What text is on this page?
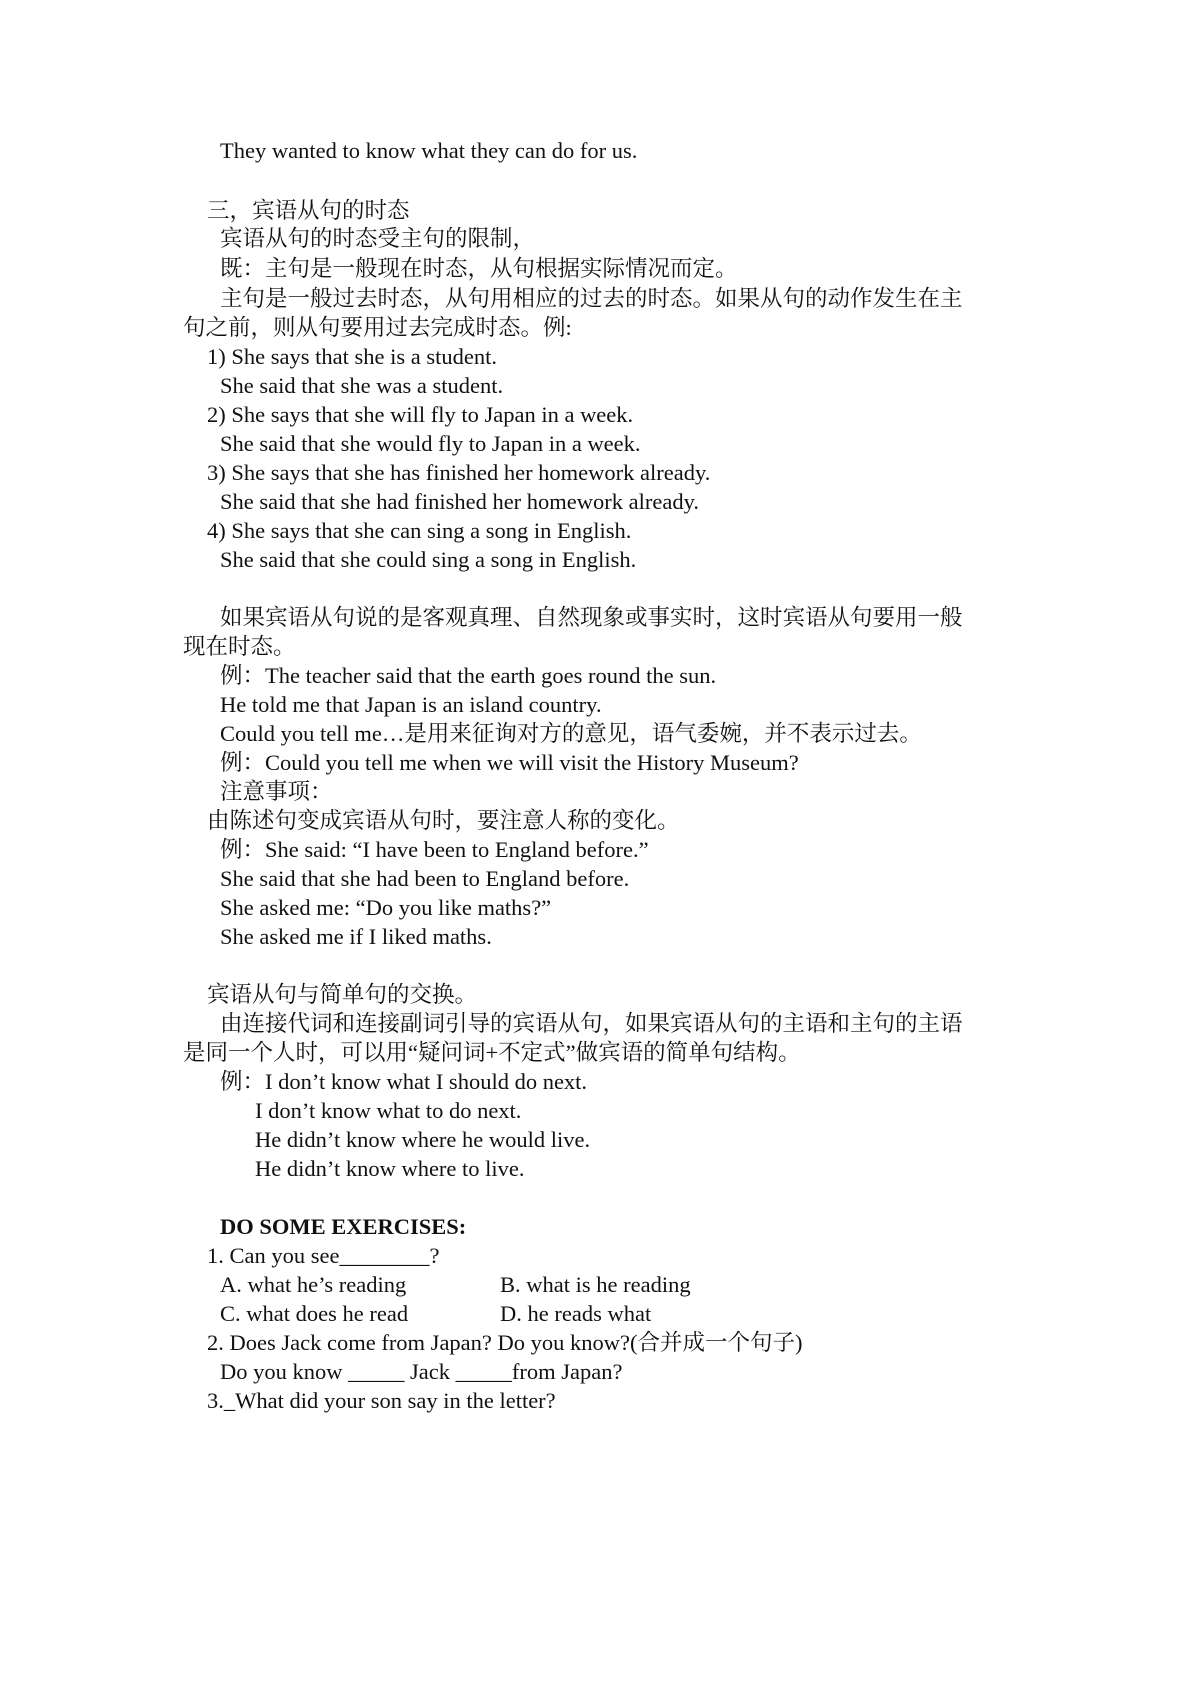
They wanted to know what they can do for us.
三，宾语从句的时态
宾语从句的时态受主句的限制，
既：主句是一般现在时态，从句根据实际情况而定。
主句是一般过去时态，从句用相应的过去的时态。如果从句的动作发生在主
句之前，则从句要用过去完成时态。例:
1) She says that she is a student.
She said that she was a student.
2) She says that she will fly to Japan in a week.
She said that she would fly to Japan in a week.
3) She says that she has finished her homework already.
She said that she had finished her homework already.
4) She says that she can sing a song in English.
She said that she could sing a song in English.
如果宾语从句说的是客观真理、自然现象或事实时，这时宾语从句要用一般
现在时态。
例：The teacher said that the earth goes round the sun.
He told me that Japan is an island country.
Could you tell me…是用来征询对方的意见，语气委婉，并不表示过去。
例：Could you tell me when we will visit the History Museum?
注意事项：
由陈述句变成宾语从句时，要注意人称的变化。
例：She said: “I have been to England before.”
She said that she had been to England before.
She asked me: “Do you like maths?”
She asked me if I liked maths.
宾语从句与简单句的交换。
由连接代词和连接副词引导的宾语从句，如果宾语从句的主语和主句的主语
是同一个人时，可以用“疑问词+不定式”做宾语的简单句结构。
例：I don’t know what I should do next.
I don’t know what to do next.
He didn’t know where he would live.
He didn’t know where to live.
DO SOME EXERCISES:
1. Can you see________?
A. what he’s reading	B. what is he reading
C. what does he read	D. he reads what
2. Does Jack come from Japan? Do you know?(合并成一个句子)
Do you know _____ Jack _____from Japan?
3._What did your son say in the letter?
